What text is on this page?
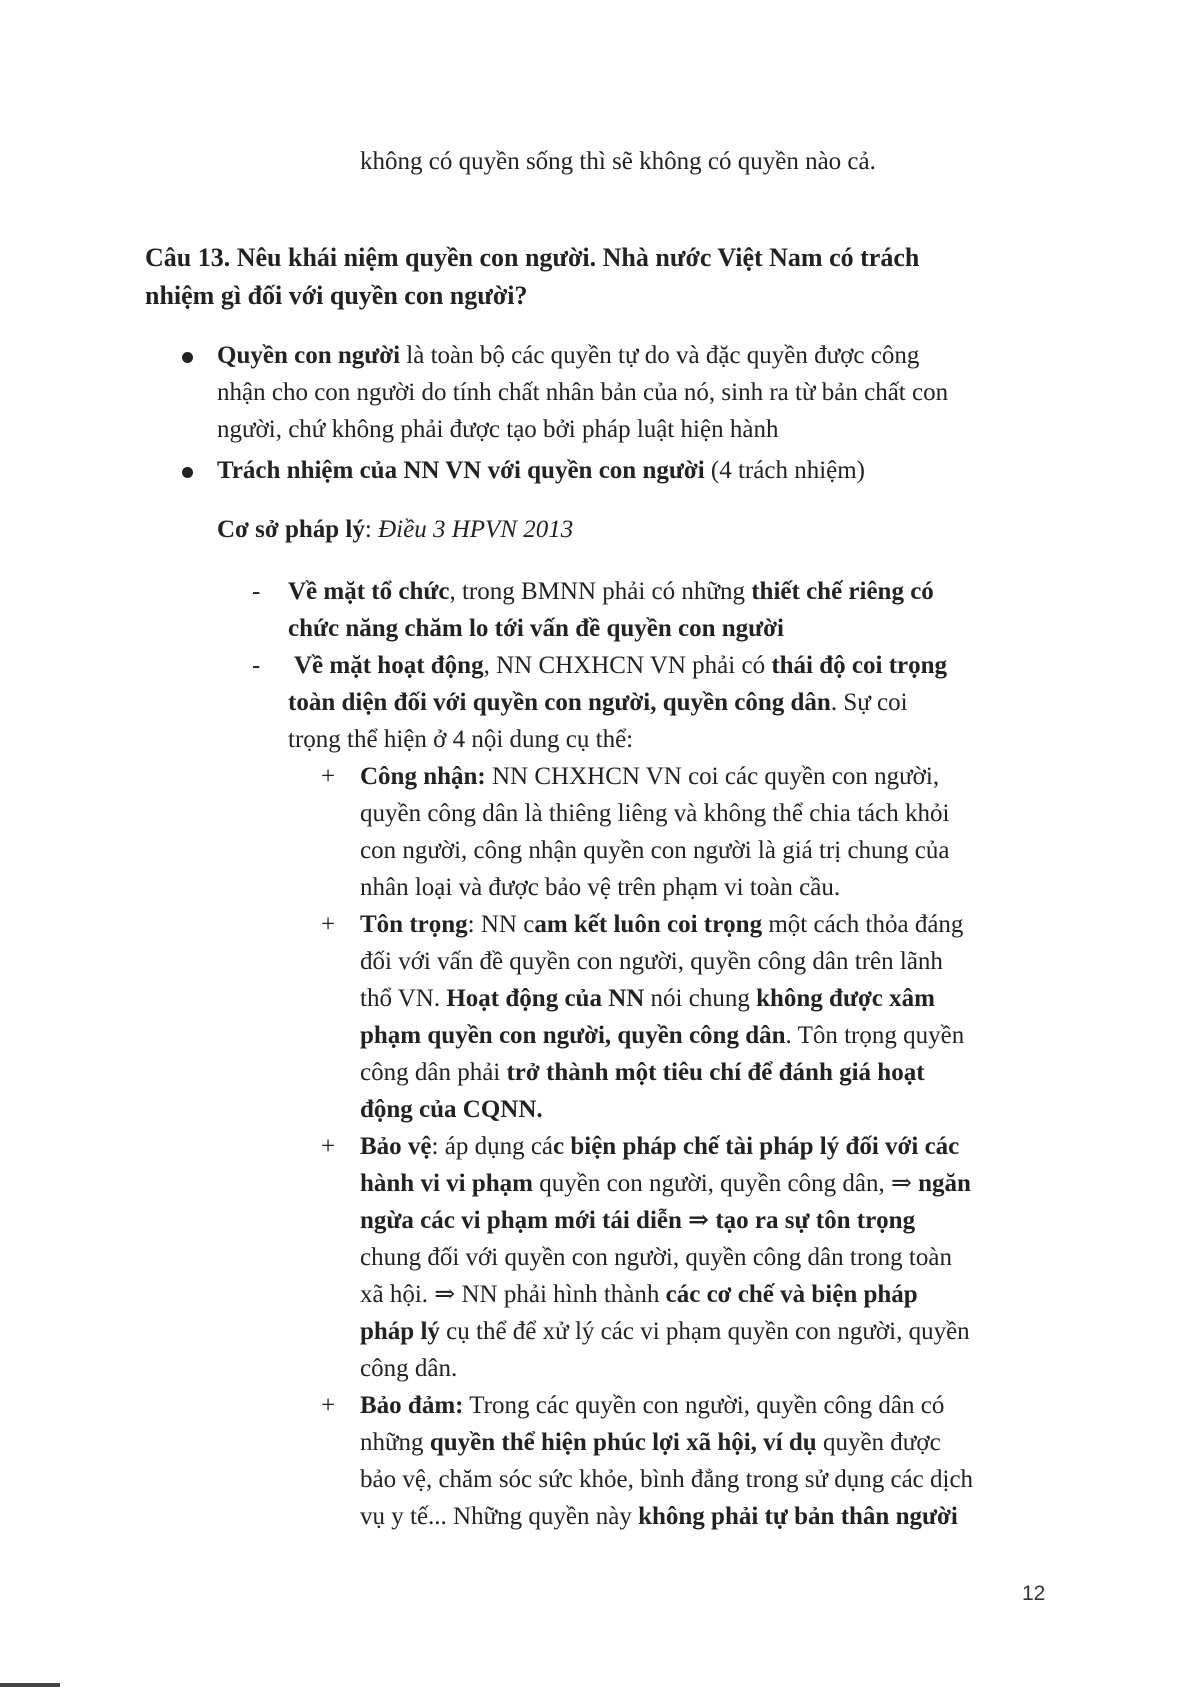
không có quyền sống thì sẽ không có quyền nào cả.
Câu 13. Nêu khái niệm quyền con người. Nhà nước Việt Nam có trách
nhiệm gì đối với quyền con người?
Quyền con người là toàn bộ các quyền tự do và đặc quyền được công
nhận cho con người do tính chất nhân bản của nó, sinh ra từ bản chất con
người, chứ không phải được tạo bởi pháp luật hiện hành
Trách nhiệm của NN VN với quyền con người (4 trách nhiệm)
Cơ sở pháp lý: Điều 3 HPVN 2013
- Về mặt tổ chức, trong BMNN phải có những thiết chế riêng có
chức năng chăm lo tới vấn đề quyền con người
- Về mặt hoạt động, NN CHXHCN VN phải có thái độ coi trọng
toàn diện đối với quyền con người, quyền công dân. Sự coi
trọng thể hiện ở 4 nội dung cụ thể:
+ Công nhận: NN CHXHCN VN coi các quyền con người,
quyền công dân là thiêng liêng và không thể chia tách khỏi
con người, công nhận quyền con người là giá trị chung của
nhân loại và được bảo vệ trên phạm vi toàn cầu.
+ Tôn trọng: NN cam kết luôn coi trọng một cách thỏa đáng
đối với vấn đề quyền con người, quyền công dân trên lãnh
thổ VN. Hoạt động của NN nói chung không được xâm
phạm quyền con người, quyền công dân. Tôn trọng quyền
công dân phải trở thành một tiêu chí để đánh giá hoạt
động của CQNN.
+ Bảo vệ: áp dụng các biện pháp chế tài pháp lý đối với các
hành vi vi phạm quyền con người, quyền công dân, ⇒ ngăn
ngừa các vi phạm mới tái diễn ⇒ tạo ra sự tôn trọng
chung đối với quyền con người, quyền công dân trong toàn
xã hội. ⇒ NN phải hình thành các cơ chế và biện pháp
pháp lý cụ thể để xử lý các vi phạm quyền con người, quyền
công dân.
+ Bảo đảm: Trong các quyền con người, quyền công dân có
những quyền thể hiện phúc lợi xã hội, ví dụ quyền được
bảo vệ, chăm sóc sức khỏe, bình đẳng trong sử dụng các dịch
vụ y tế... Những quyền này không phải tự bản thân người
12
